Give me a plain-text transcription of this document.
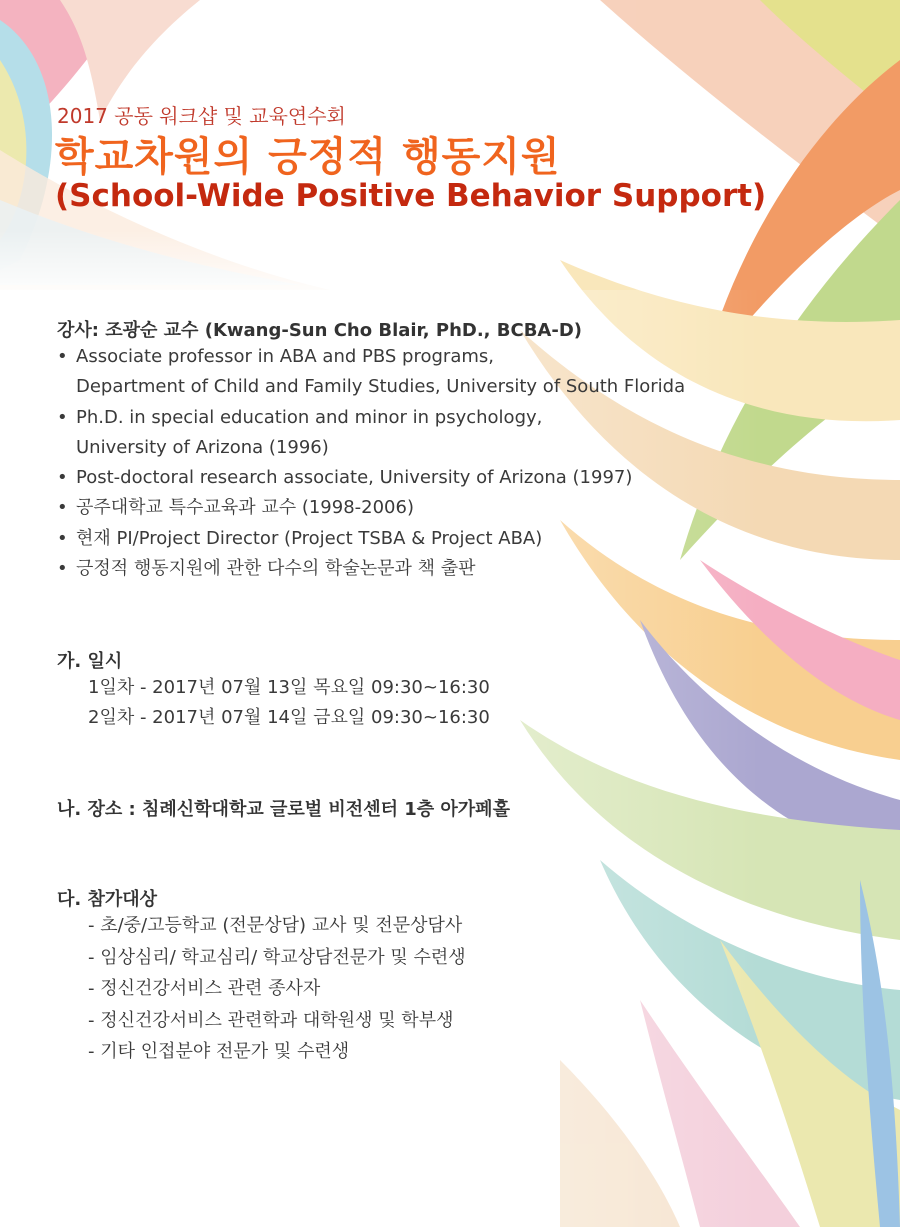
2017 공동 워크샵 및 교육연수회

학교차원의 긍정적 행동지원
(School-Wide Positive Behavior Support)

강사: 조광순 교수 (Kwang-Sun Cho Blair, PhD., BCBA-D)

• Associate professor in ABA and PBS programs,
Department of Child and Family Studies, University of South Florida
• Ph.D. in special education and minor in psychology,
University of Arizona (1996)
• Post-doctoral research associate, University of Arizona (1997)
• 공주대학교 특수교육과 교수 (1998-2006)
• 현재 PI/Project Director (Project TSBA & Project ABA)
• 긍정적 행동지원에 관한 다수의 학술논문과 책 출판

가. 일시

1일차 - 2017년 07월 13일 목요일 09:30~16:30
2일차 - 2017년 07월 14일 금요일 09:30~16:30

나. 장소 : 침례신학대학교 글로벌 비전센터 1층 아가페홀

다. 참가대상

- 초/중/고등학교 (전문상담) 교사 및 전문상담사
- 임상심리/ 학교심리/ 학교상담전문가 및 수련생
- 정신건강서비스 관련 종사자
- 정신건강서비스 관련학과 대학원생 및 학부생
- 기타 인접분야 전문가 및 수련생
